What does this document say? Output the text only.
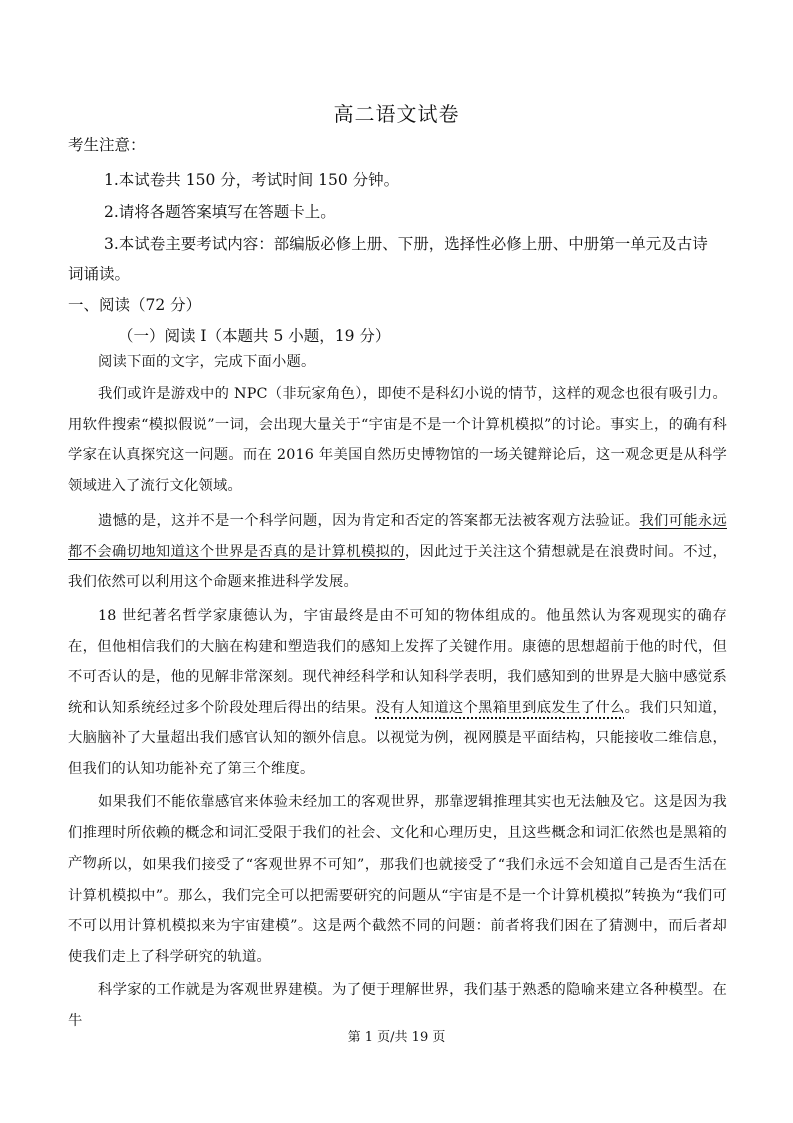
高二语文试卷
考生注意：
1.本试卷共 150 分，考试时间 150 分钟。
2.请将各题答案填写在答题卡上。
3.本试卷主要考试内容：部编版必修上册、下册，选择性必修上册、中册第一单元及古诗
词诵读。
一、阅读（72 分）
（一）阅读 I（本题共 5 小题，19 分）

阅读下面的文字，完成下面小题。

我们或许是游戏中的 NPC（非玩家角色），即使不是科幻小说的情节，这样的观念也很有吸引力。用软件搜索“模拟假说”一词，会出现大量关于“宇宙是不是一个计算机模拟”的讨论。事实上，的确有科学家在认真探究这一问题。而在 2016 年美国自然历史博物馆的一场关键辩论后，这一观念更是从科学领域进入了流行文化领域。

遗憾的是，这并不是一个科学问题，因为肯定和否定的答案都无法被客观方法验证。我们可能永远都不会确切地知道这个世界是否真的是计算机模拟的，因此过于关注这个猜想就是在浪费时间。不过，我们依然可以利用这个命题来推进科学发展。

18 世纪著名哲学家康德认为，宇宙最终是由不可知的物体组成的。他虽然认为客观现实的确存在，但他相信我们的大脑在构建和塑造我们的感知上发挥了关键作用。康德的思想超前于他的时代，但不可否认的是，他的见解非常深刻。现代神经科学和认知科学表明，我们感知到的世界是大脑中感觉系统和认知系统经过多个阶段处理后得出的结果。没有人知道这个黑箱里到底发生了什么。我们只知道，大脑脑补了大量超出我们感官认知的额外信息。以视觉为例，视网膜是平面结构，只能接收二维信息，但我们的认知功能补充了第三个维度。

如果我们不能依靠感官来体验未经加工的客观世界，那靠逻辑推理其实也无法触及它。这是因为我们推理时所依赖的概念和词汇受限于我们的社会、文化和心理历史，且这些概念和词汇依然也是黑箱的产物。

所以，如果我们接受了“客观世界不可知”，那我们也就接受了“我们永远不会知道自己是否生活在计算机模拟中”。那么，我们完全可以把需要研究的问题从“宇宙是不是一个计算机模拟”转换为“我们可不可以用计算机模拟来为宇宙建模”。这是两个截然不同的问题：前者将我们困在了猜测中，而后者却使我们走上了科学研究的轨道。

科学家的工作就是为客观世界建模。为了便于理解世界，我们基于熟悉的隐喻来建立各种模型。在牛

第 1 页/共 19 页
